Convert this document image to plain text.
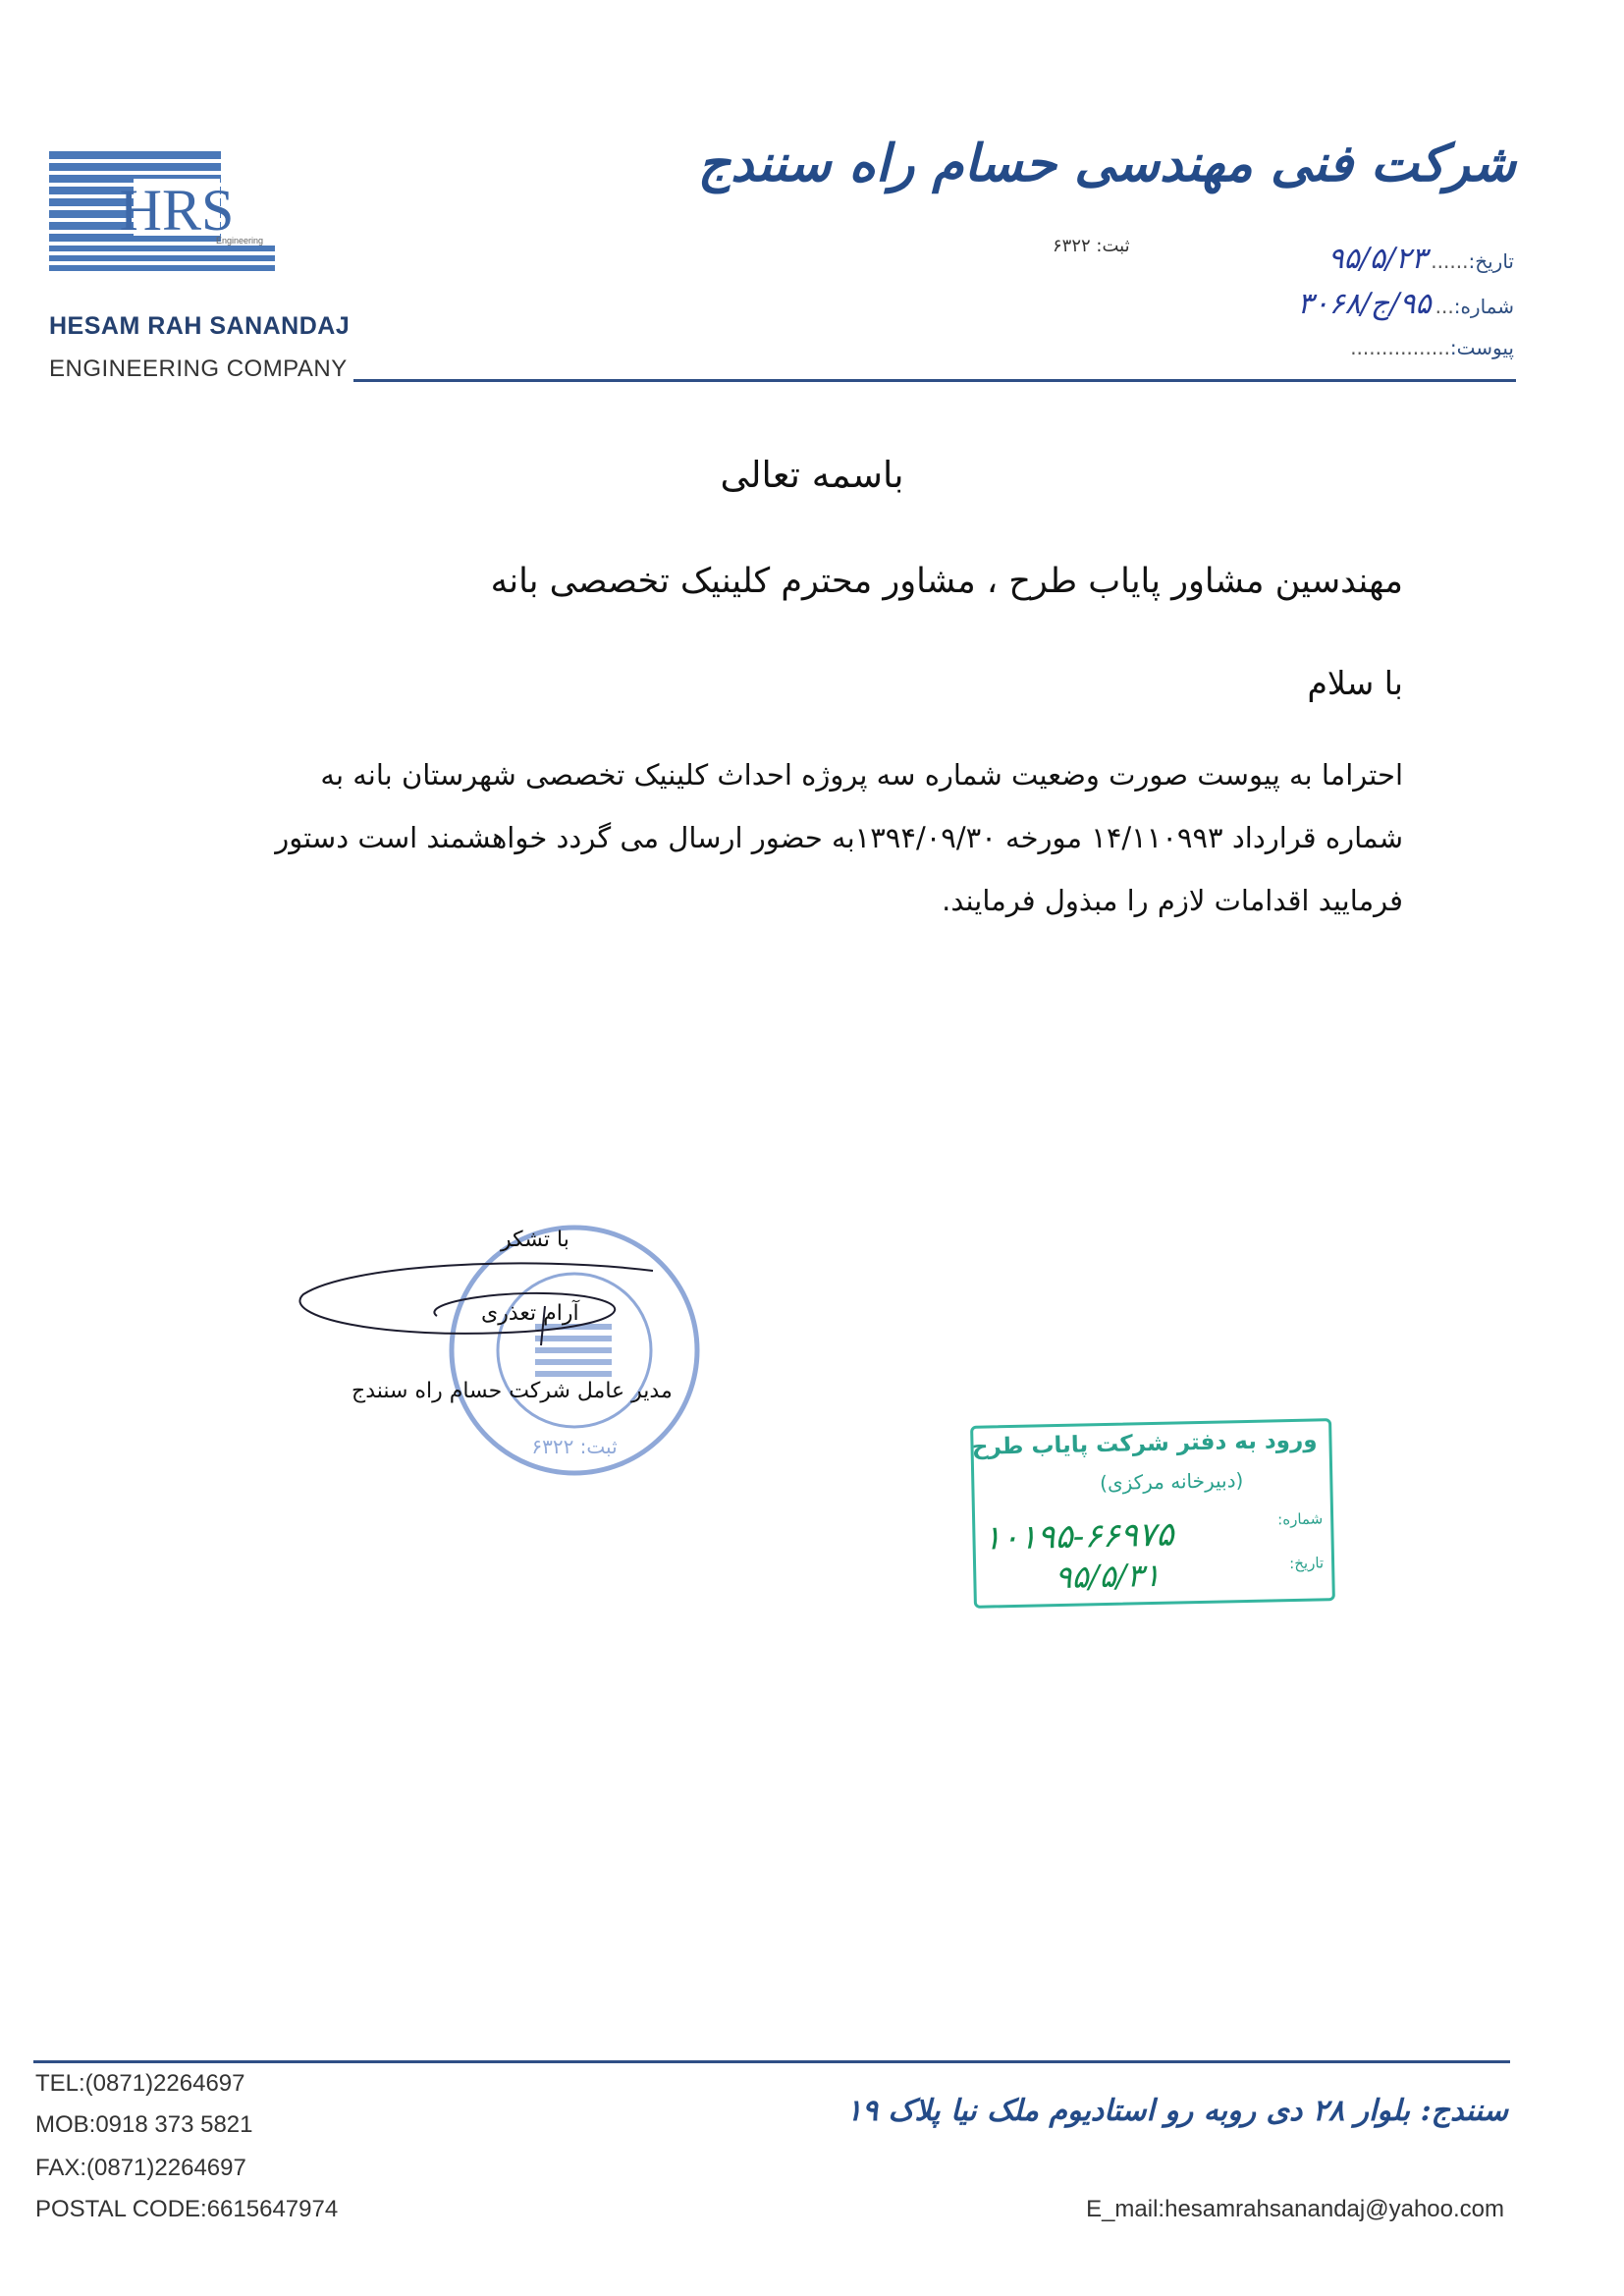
HRS
Engineering
HESAM RAH SANANDAJ
ENGINEERING COMPANY
شرکت فنی مهندسی حسام راه سنندج
ثبت: ۶۳۲۲
تاریخ:......۹۵/۵/۲۳
شماره:...۹۵/ج/۳۰۶۸
پیوست:................
باسمه تعالی
مهندسین مشاور پایاب طرح ، مشاور محترم کلینیک تخصصی بانه
با سلام
احتراما به پیوست صورت وضعیت شماره سه پروژه احداث کلینیک تخصصی شهرستان بانه به
شماره قرارداد ۱۴/۱۱۰۹۹۳ مورخه ۱۳۹۴/۰۹/۳۰به حضور ارسال می گردد خواهشمند است دستور
فرمایید اقدامات لازم را مبذول فرمایند.
ثبت: ۶۳۲۲
با تشکر
آرام تعذری
مدیر عامل شرکت حسام راه سنندج
ورود به دفتر شرکت پایاب طرح
(دبیرخانه مرکزی)
شماره:
تاریخ:
۱۰۱۹۵-۶۶۹۷۵
۹۵/۵/۳۱
TEL:(0871)2264697
MOB:0918 373 5821
FAX:(0871)2264697
POSTAL CODE:6615647974
سنندج: بلوار ۲۸ دی روبه رو استادیوم ملک نیا پلاک ۱۹
E_mail:hesamrahsanandaj@yahoo.com
